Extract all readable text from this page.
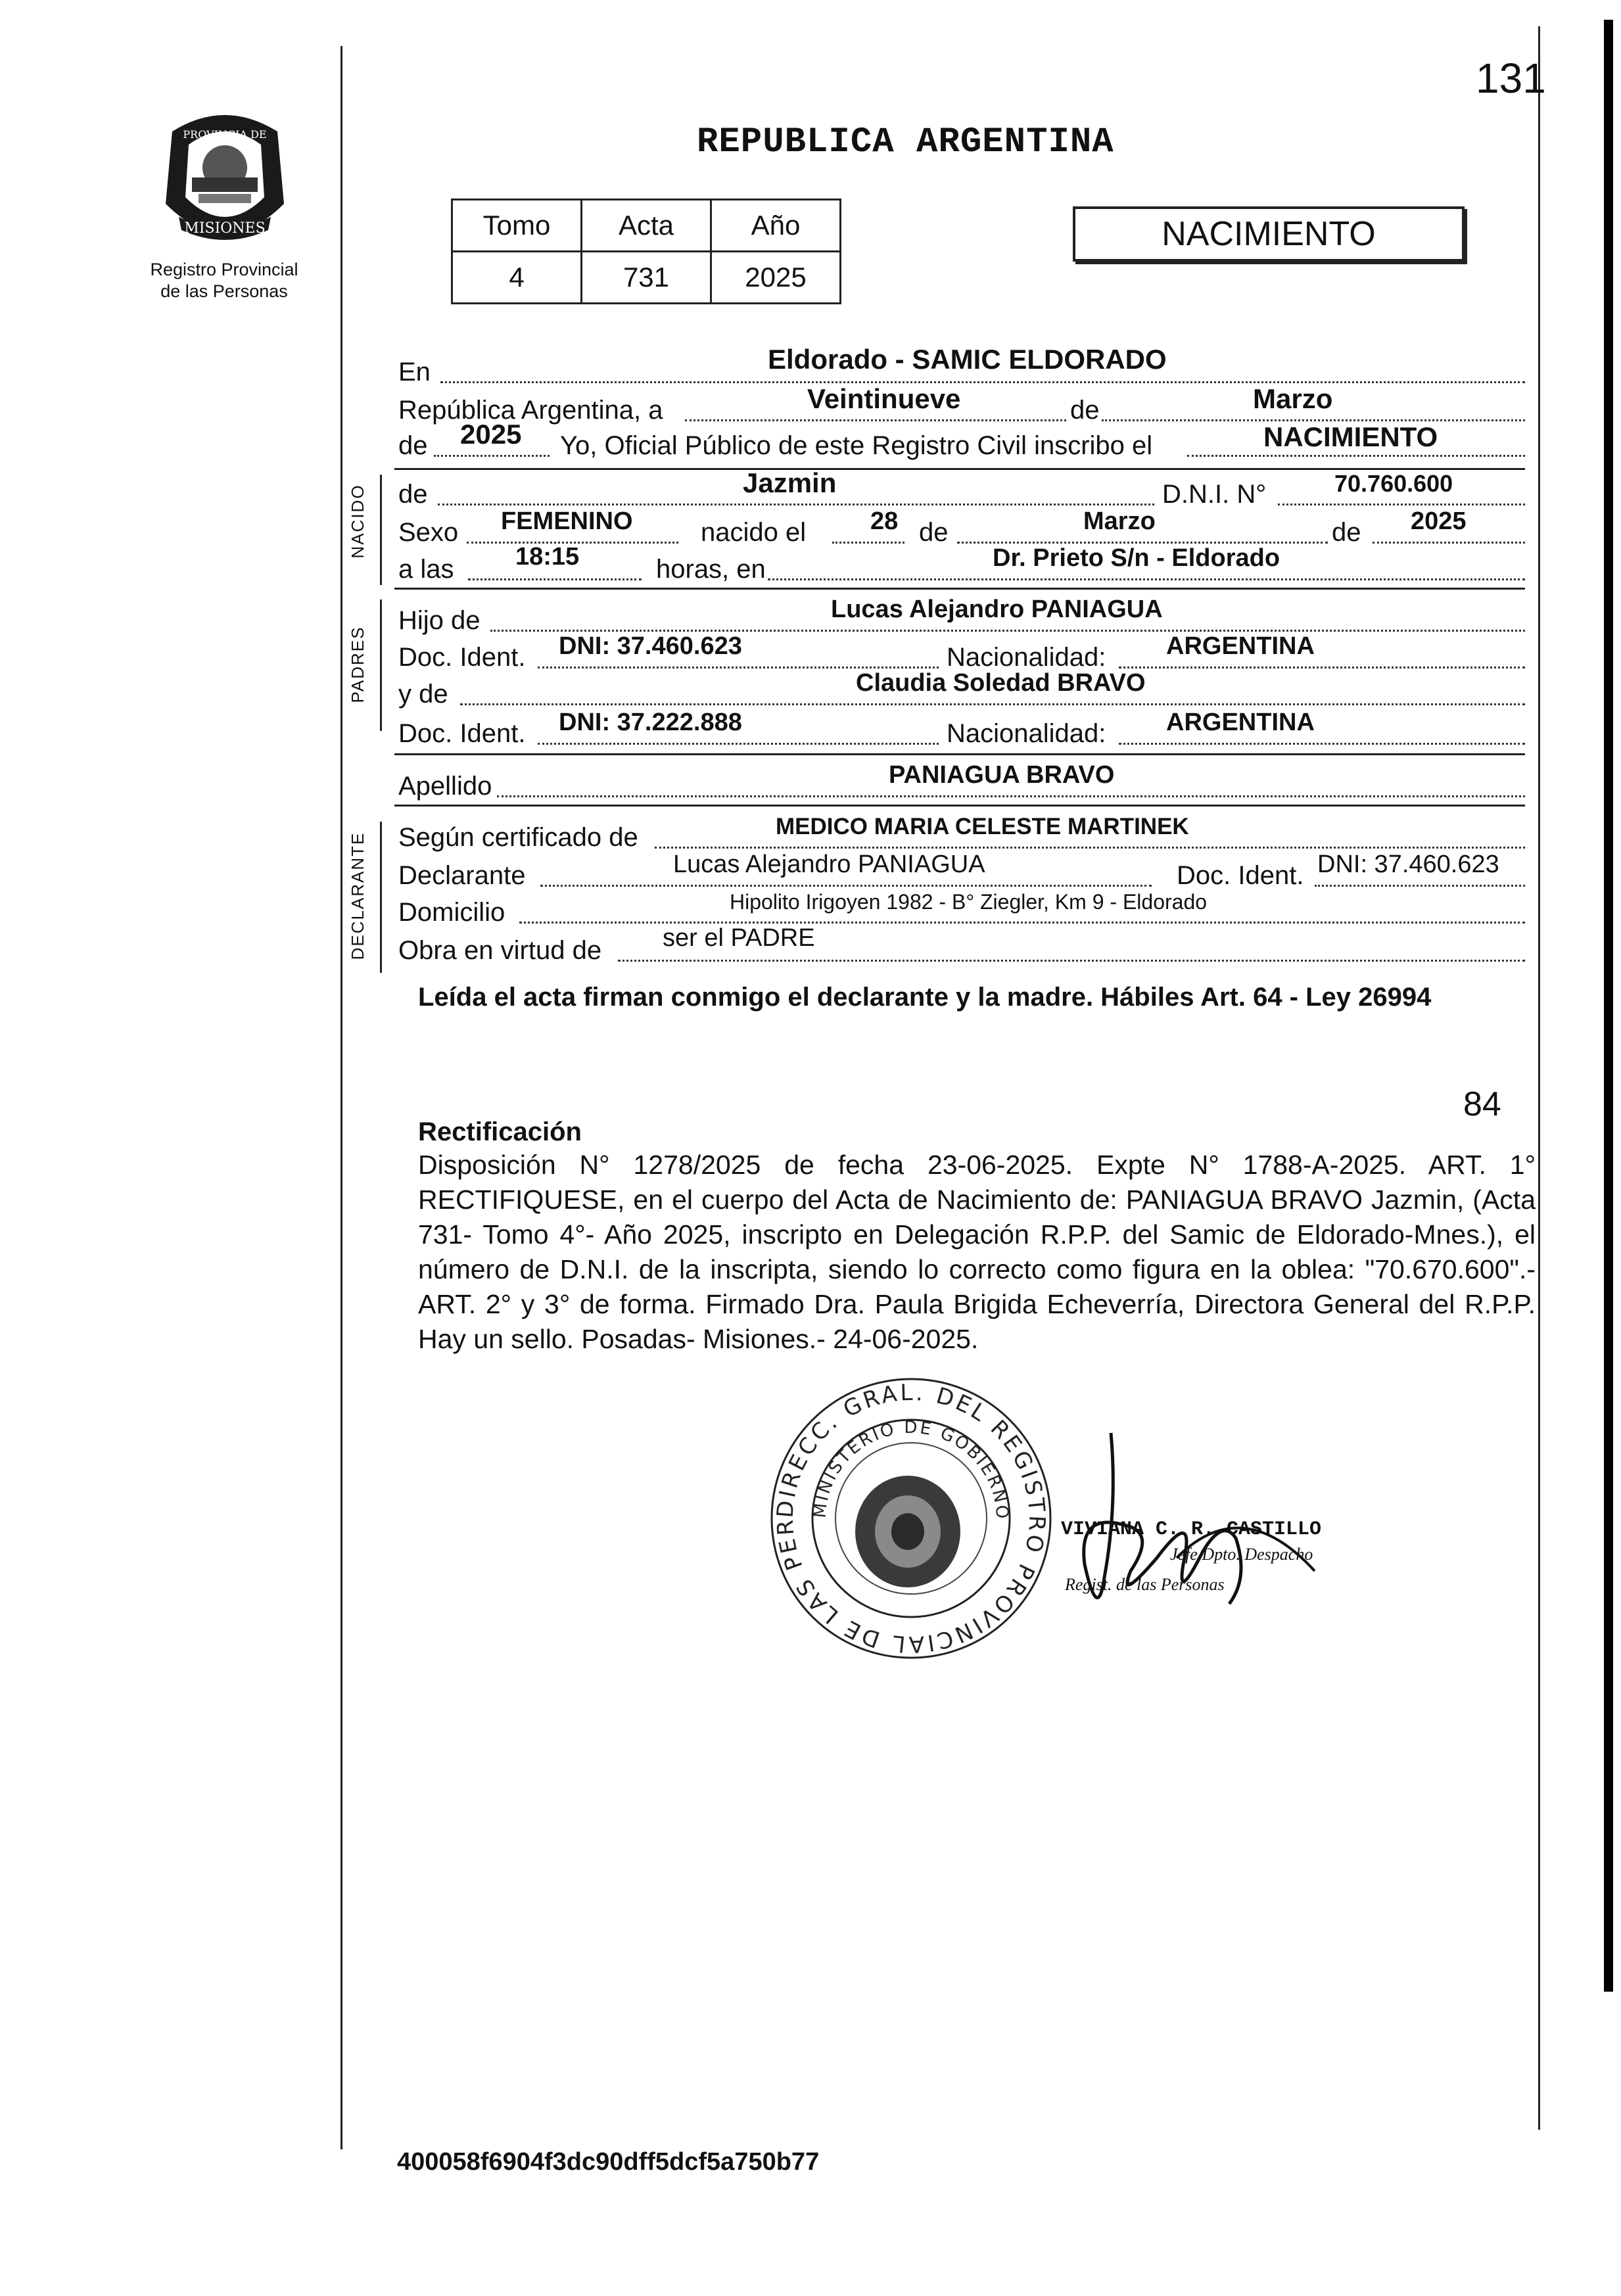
131
MISIONES
PROVINCIA DE
Registro Provincial
de las Personas
REPUBLICA ARGENTINA
Tomo	Acta	Año
4	731	2025
NACIMIENTO
En	Eldorado - SAMIC ELDORADO
República Argentina, a	Veintinueve	de	Marzo
de 2025 Yo, Oficial Público de este Registro Civil inscribo el	NACIMIENTO
NACIDO de	Jazmin	D.N.I. N°	70.760.600
Sexo FEMENINO	nacido el	28 de	Marzo	de 2025
a las 18:15	horas, en	Dr. Prieto S/n - Eldorado
PADRES
Hijo de	Lucas Alejandro PANIAGUA
Doc. Ident. DNI: 37.460.623	Nacionalidad: ARGENTINA
y de	Claudia Soledad BRAVO
Doc. Ident. DNI: 37.222.888	Nacionalidad: ARGENTINA
Apellido	PANIAGUA BRAVO
DECLARANTE Según certificado de	MEDICO MARIA CELESTE MARTINEK
Declarante	Lucas Alejandro PANIAGUA	Doc. Ident. DNI: 37.460.623
Domicilio	Hipolito Irigoyen 1982 - B° Ziegler, Km 9 - Eldorado
Obra en virtud de ser el PADRE
Leída el acta firman conmigo el declarante y la madre. Hábiles Art. 64 - Ley 26994
84
Rectificación
Disposición N° 1278/2025 de fecha 23-06-2025. Expte N° 1788-A-2025. ART. 1° RECTIFIQUESE, en el cuerpo del Acta de Nacimiento de: PANIAGUA BRAVO Jazmin, (Acta 731- Tomo 4°- Año 2025, inscripto en Delegación R.P.P. del Samic de Eldorado-Mnes.), el número de D.N.I. de la inscripta, siendo lo correcto como figura en la oblea: "70.670.600".- ART. 2° y 3° de forma. Firmado Dra. Paula Brigida Echeverría, Directora General del R.P.P. Hay un sello. Posadas- Misiones.- 24-06-2025.
DIRECC. GRAL. DEL REGISTRO PROVINCIAL DE LAS PER
MINISTERIO DE GOBIERNO
VIVIANA C. R. CASTILLO
Jefe Dpto. Despacho
Regist. de las Personas
400058f6904f3dc90dff5dcf5a750b77
